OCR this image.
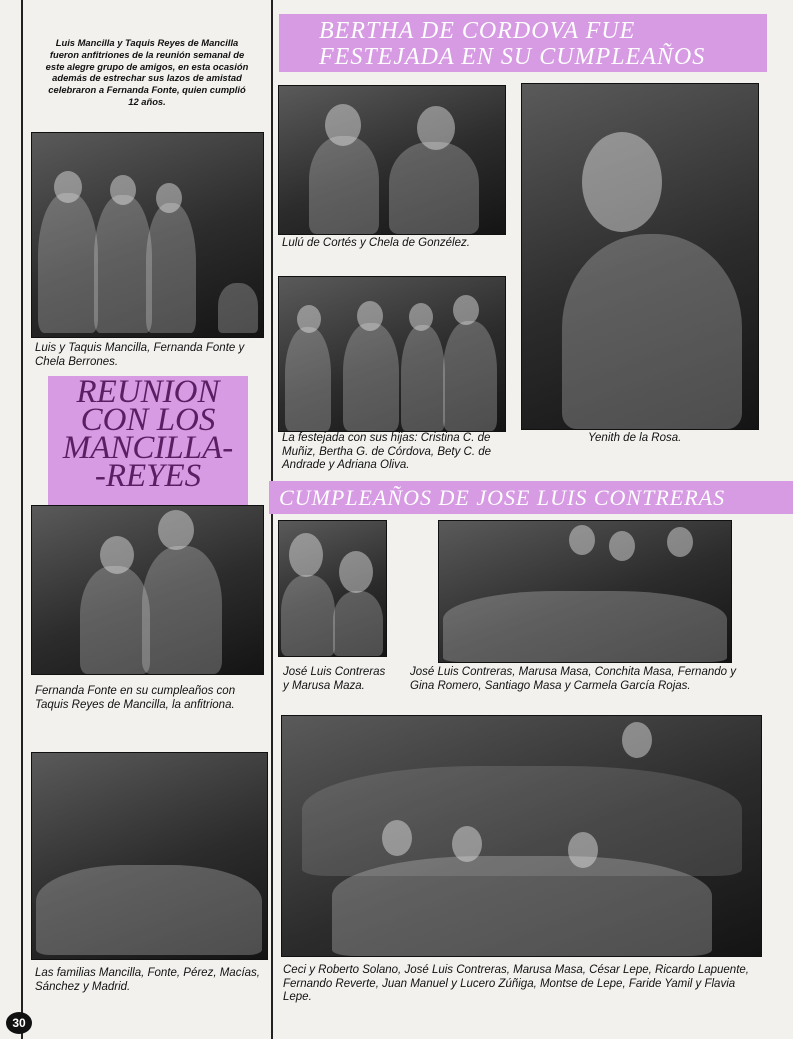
Luis Mancilla y Taquis Reyes de Mancilla fueron anfitriones de la reunión semanal de este alegre grupo de amigos, en esta ocasión además de estrechar sus lazos de amistad celebraron a Fernanda Fonte, quien cumplió 12 años.
Luis y Taquis Mancilla, Fernanda Fonte y Chela Berrones.
REUNION
CON LOS
MANCILLA-
-REYES
Fernanda Fonte en su cumpleaños con Taquis Reyes de Mancilla, la anfitriona.
Las familias Mancilla, Fonte, Pérez, Macías, Sánchez y Madrid.
30
BERTHA DE CORDOVA FUE
FESTEJADA EN SU CUMPLEAÑOS
Lulú de Cortés y Chela de Gonzélez.
La festejada con sus hijas: Cristina C. de Muñiz, Bertha G. de Córdova, Bety C. de Andrade y Adriana Oliva.
Yenith de la Rosa.
CUMPLEAÑOS DE JOSE LUIS CONTRERAS
José Luis Contreras y Marusa Maza.
José Luis Contreras, Marusa Masa, Conchita Masa, Fernando y Gina Romero, Santiago Masa y Carmela García Rojas.
Ceci y Roberto Solano, José Luis Contreras, Marusa Masa, César Lepe, Ricardo Lapuente, Fernando Reverte, Juan Manuel y Lucero Zúñiga, Montse de Lepe, Faride Yamil y Flavia Lepe.
